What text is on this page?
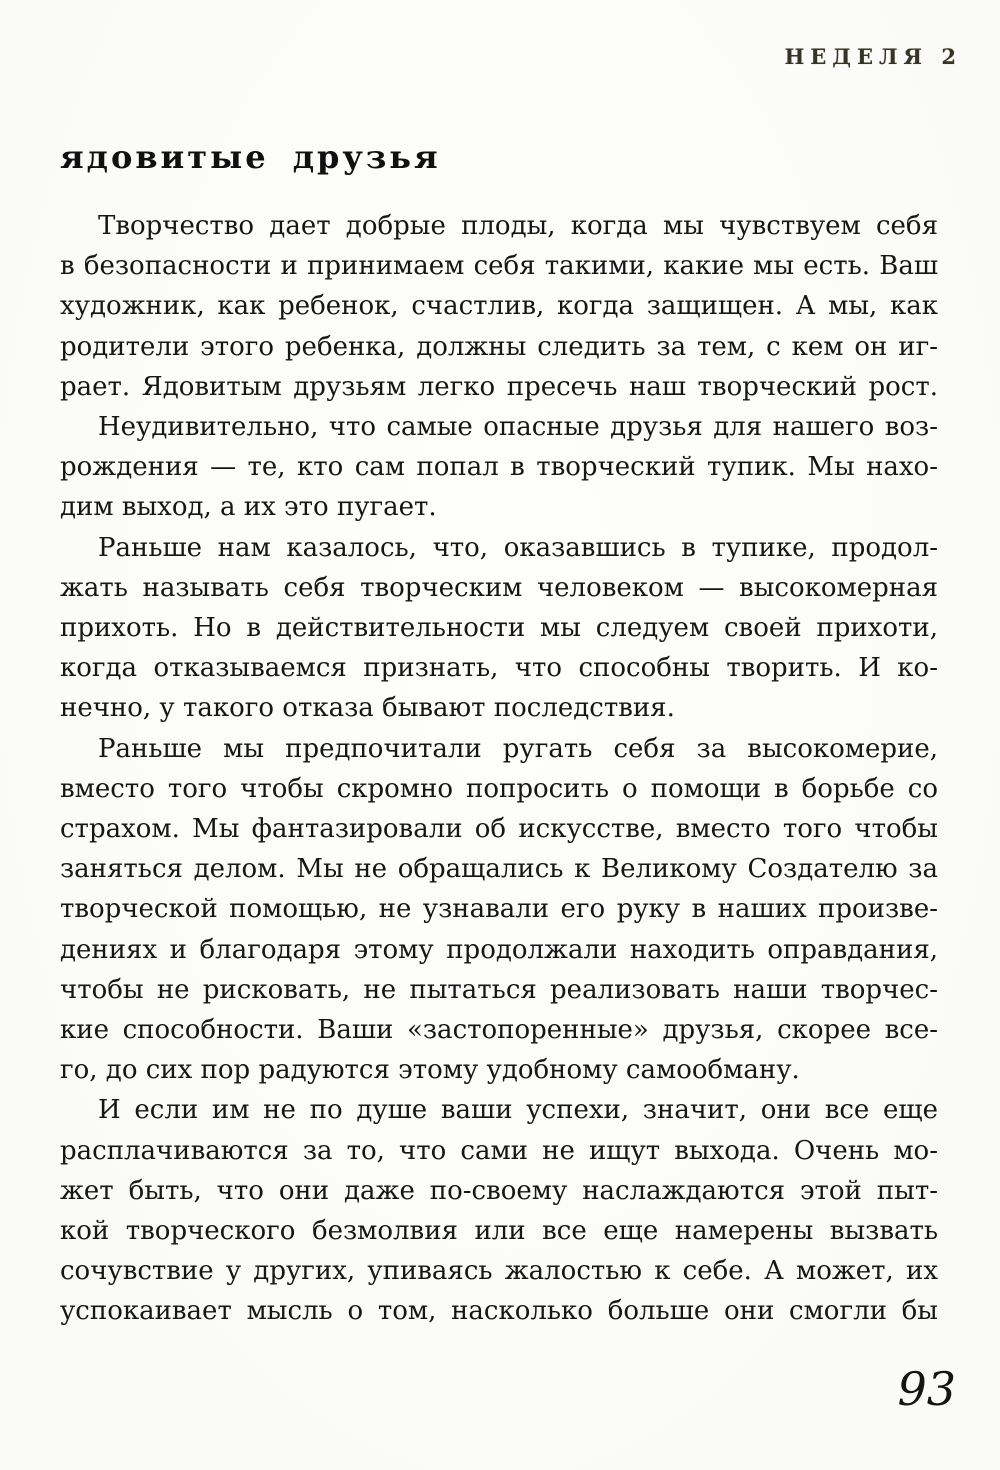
НЕДЕЛЯ 2
ядовитые друзья

Творчество дает добрые плоды, когда мы чувствуем себя
в безопасности и принимаем себя такими, какие мы есть. Ваш
художник, как ребенок, счастлив, когда защищен. А мы, как
родители этого ребенка, должны следить за тем, с кем он иг-
рает. Ядовитым друзьям легко пресечь наш творческий рост.

Неудивительно, что самые опасные друзья для нашего воз-
рождения — те, кто сам попал в творческий тупик. Мы нахо-
дим выход, а их это пугает.

Раньше нам казалось, что, оказавшись в тупике, продол-
жать называть себя творческим человеком — высокомерная
прихоть. Но в действительности мы следуем своей прихоти,
когда отказываемся признать, что способны творить. И ко-
нечно, у такого отказа бывают последствия.

Раньше мы предпочитали ругать себя за высокомерие,
вместо того чтобы скромно попросить о помощи в борьбе со
страхом. Мы фантазировали об искусстве, вместо того чтобы
заняться делом. Мы не обращались к Великому Создателю за
творческой помощью, не узнавали его руку в наших произве-
дениях и благодаря этому продолжали находить оправдания,
чтобы не рисковать, не пытаться реализовать наши творчес-
кие способности. Ваши «застопоренные» друзья, скорее все-
го, до сих пор радуются этому удобному самообману.

И если им не по душе ваши успехи, значит, они все еще
расплачиваются за то, что сами не ищут выхода. Очень мо-
жет быть, что они даже по-своему наслаждаются этой пыт-
кой творческого безмолвия или все еще намерены вызвать
сочувствие у других, упиваясь жалостью к себе. А может, их
успокаивает мысль о том, насколько больше они смогли бы

93
